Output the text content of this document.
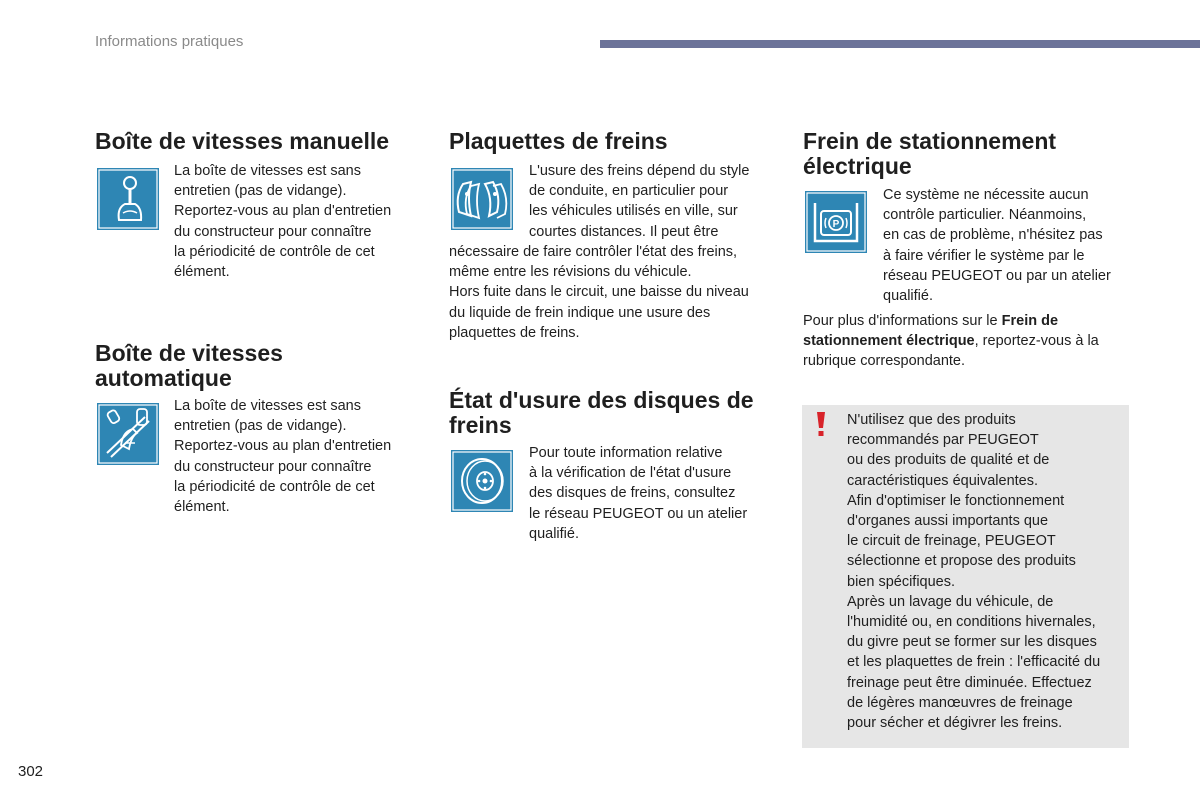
Informations pratiques
Boîte de vitesses manuelle
La boîte de vitesses est sans
entretien (pas de vidange).
Reportez-vous au plan d'entretien
du constructeur pour connaître
la périodicité de contrôle de cet
élément.
Boîte de vitesses
automatique
La boîte de vitesses est sans
entretien (pas de vidange).
Reportez-vous au plan d'entretien
du constructeur pour connaître
la périodicité de contrôle de cet
élément.
Plaquettes de freins
L'usure des freins dépend du style
de conduite, en particulier pour
les véhicules utilisés en ville, sur
courtes distances. Il peut être
nécessaire de faire contrôler l'état des freins,
même entre les révisions du véhicule.
Hors fuite dans le circuit, une baisse du niveau
du liquide de frein indique une usure des
plaquettes de freins.
État d'usure des disques de
freins
Pour toute information relative
à la vérification de l'état d'usure
des disques de freins, consultez
le réseau PEUGEOT ou un atelier
qualifié.
Frein de stationnement
électrique
P
Ce système ne nécessite aucun
contrôle particulier. Néanmoins,
en cas de problème, n'hésitez pas
à faire vérifier le système par le
réseau PEUGEOT ou par un atelier
qualifié.
Pour plus d'informations sur le Frein de
stationnement électrique, reportez-vous à la
rubrique correspondante.
N'utilisez que des produits
recommandés par PEUGEOT
ou des produits de qualité et de
caractéristiques équivalentes.
Afin d'optimiser le fonctionnement
d'organes aussi importants que
le circuit de freinage, PEUGEOT
sélectionne et propose des produits
bien spécifiques.
Après un lavage du véhicule, de
l'humidité ou, en conditions hivernales,
du givre peut se former sur les disques
et les plaquettes de frein : l'efficacité du
freinage peut être diminuée. Effectuez
de légères manœuvres de freinage
pour sécher et dégivrer les freins.
302
